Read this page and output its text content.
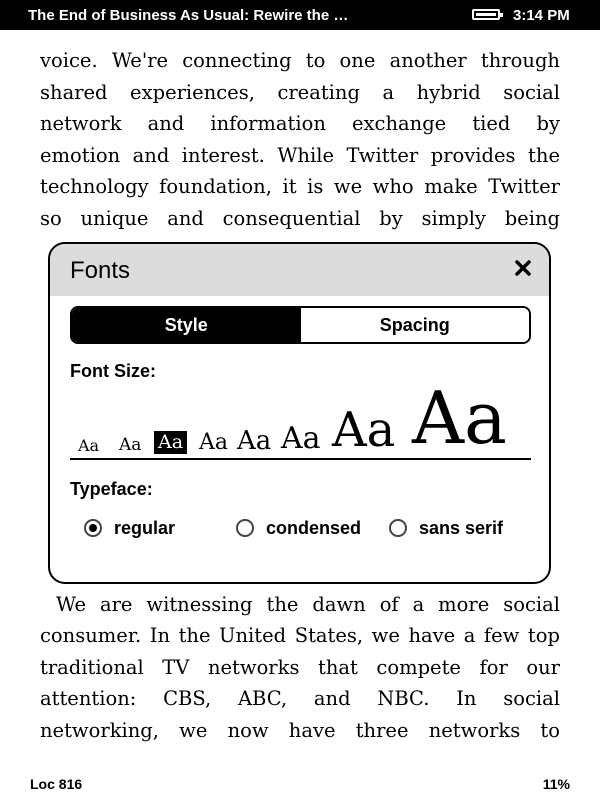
The End of Business As Usual: Rewire the …	3:14 PM
voice. We're connecting to one another through
shared experiences, creating a hybrid social
network and information exchange tied by
emotion and interest. While Twitter provides the
technology foundation, it is we who make Twitter
so unique and consequential by simply being
We are witnessing the dawn of a more social
consumer. In the United States, we have a few top
traditional TV networks that compete for our
attention: CBS, ABC, and NBC. In social
networking, we now have three networks to
Loc 816	11%
Fonts
Style	Spacing
Font Size:
Aa Aa Aa Aa Aa Aa Aa Aa
Typeface:
regular	condensed	sans serif
